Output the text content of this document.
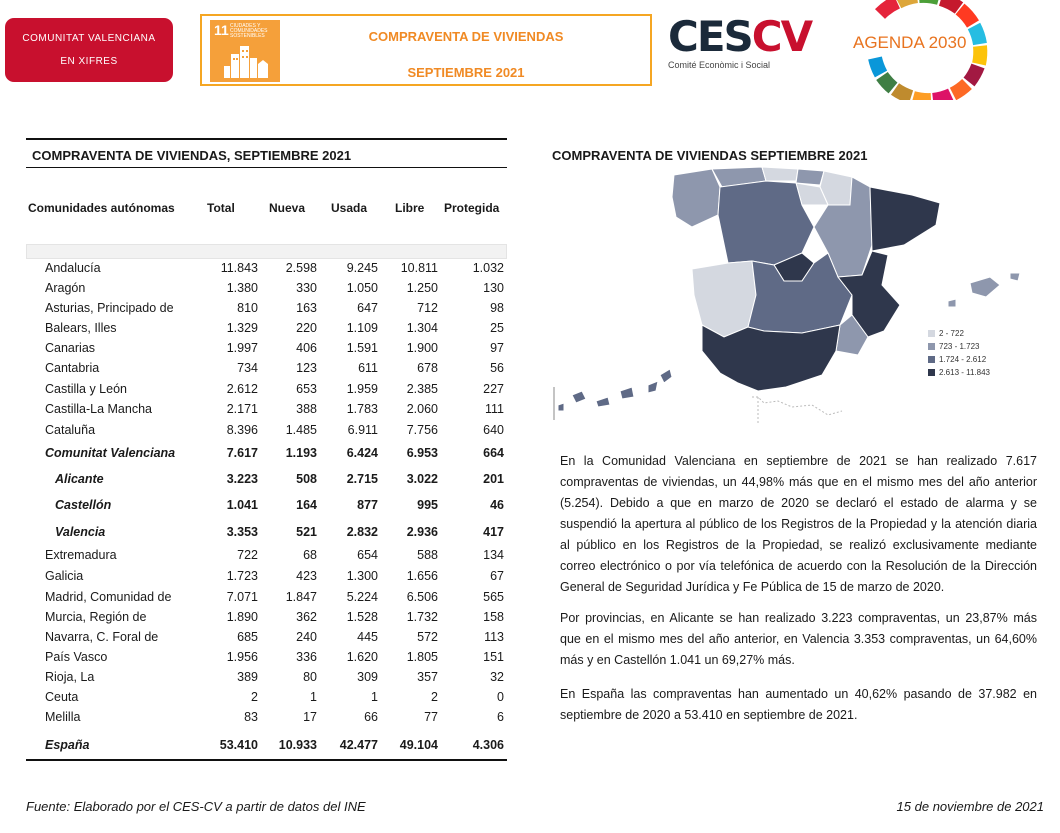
COMUNITAT VALENCIANA
EN XIFRES
11 CIUDADES Y COMUNIDADES SOSTENIBLES	COMPRAVENTA DE VIVIENDAS
SEPTIEMBRE 2021
CESCV
Comité Econòmic i Social
AGENDA 2030
COMPRAVENTA DE VIVIENDAS, SEPTIEMBRE 2021
Comunidades autónomas	Total	Nueva Usada Libre Protegida
Andalucía	11.843 2.598 9.245 10.811	1.032
Aragón	1.380	330 1.050 1.250	130
Asturias, Principado de	810	163	647	712	98
Balears, Illes	1.329	220 1.109 1.304	25
Canarias	1.997	406 1.591 1.900	97
Cantabria	734	123	611	678	56
Castilla y León	2.612	653 1.959 2.385	227
Castilla-La Mancha	2.171	388 1.783 2.060	111
Cataluña	8.396 1.485 6.911 7.756	640
Comunitat Valenciana	7.617 1.193 6.424 6.953	664
Alicante	3.223	508 2.715 3.022	201
Castellón	1.041	164	877	995	46
Valencia	3.353	521 2.832 2.936	417
Extremadura	722	68	654	588	134
Galicia	1.723	423 1.300 1.656	67
Madrid, Comunidad de	7.071 1.847 5.224 6.506	565
Murcia, Región de	1.890	362 1.528 1.732	158
Navarra, C. Foral de	685	240	445	572	113
País Vasco	1.956	336 1.620 1.805	151
Rioja, La	389	80	309	357	32
Ceuta	2	1	1	2	0
Melilla	83	17	66	77	6
España	53.410 10.933 42.477 49.104	4.306
COMPRAVENTA DE VIVIENDAS SEPTIEMBRE 2021
2 - 722
723 - 1.723
1.724 - 2.612
2.613 - 11.843
En la Comunidad Valenciana en septiembre de 2021 se han realizado 7.617 compraventas de viviendas, un 44,98% más que en el mismo mes del año anterior (5.254). Debido a que en marzo de 2020 se declaró el estado de alarma y se suspendió la apertura al público de los Registros de la Propiedad y la atención diaria al público en los Registros de la Propiedad, se realizó exclusivamente mediante correo electrónico o por vía telefónica de acuerdo con la Resolución de la Dirección General de Seguridad Jurídica y Fe Pública de 15 de marzo de 2020.
Por provincias, en Alicante se han realizado 3.223 compraventas, un 23,87% más que en el mismo mes del año anterior, en Valencia 3.353 compraventas, un 64,60% más y en Castellón 1.041 un 69,27% más.
En España las compraventas han aumentado un 40,62% pasando de 37.982 en septiembre de 2020 a 53.410 en septiembre de 2021.
Fuente: Elaborado por el CES-CV a partir de datos del INE	15 de noviembre de 2021
